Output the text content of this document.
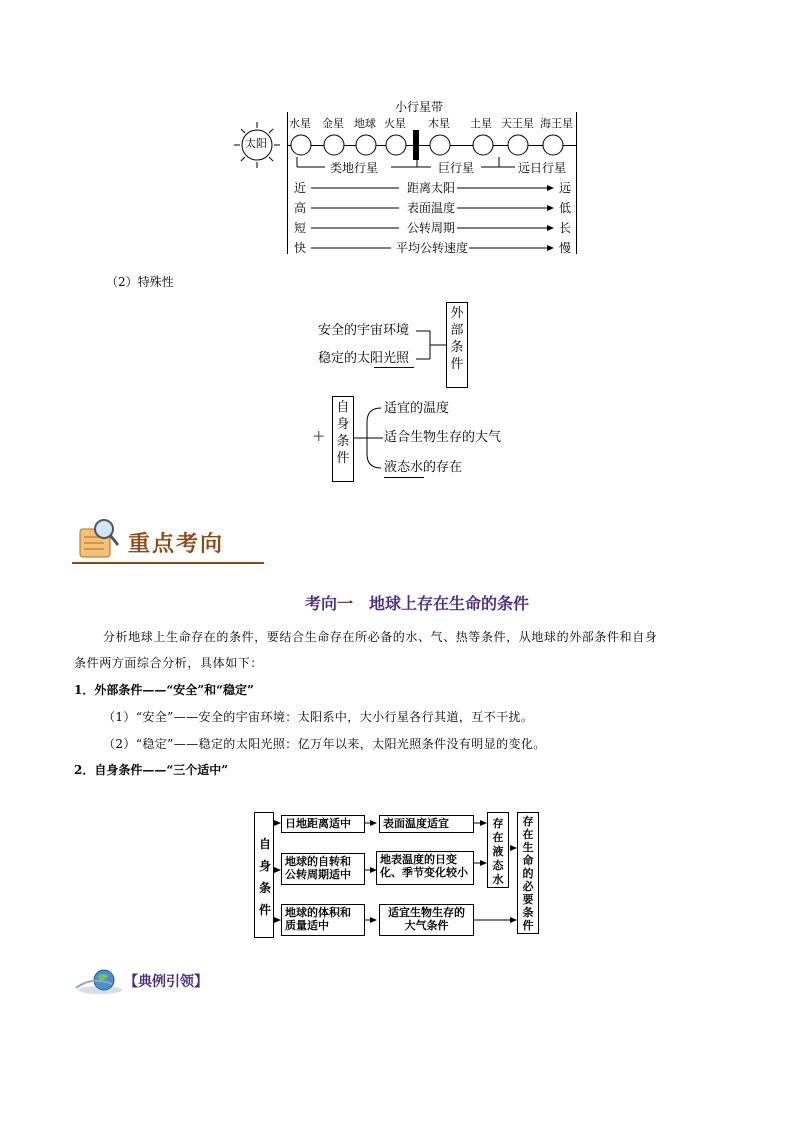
太阳
小行星带
水星 金星 地球 火星 木星 土星 天王星 海王星
类地行星	巨行星	远日行星
近	距离太阳	远
高	表面温度	低
短	公转周期	长
快	平均公转速度	慢
（2）特殊性
安全的宇宙环境
稳定的太阳光照
外部条件
+
自身条件
适宜的温度
适合生物生存的大气
液态水的存在
重点考向
考向一　地球上存在生命的条件
分析地球上生命存在的条件，要结合生命存在所必备的水、气、热等条件，从地球的外部条件和自身
条件两方面综合分析，具体如下：
1．外部条件——“安全”和“稳定”
（1）“安全”——安全的宇宙环境：太阳系中，大小行星各行其道，互不干扰。
（2）“稳定”——稳定的太阳光照：亿万年以来，太阳光照条件没有明显的变化。
2．自身条件——“三个适中”
自身条件
日地距离适中
地球的自转和公转周期适中
地球的体积和质量适中
表面温度适宜
地表温度的日变化、季节变化较小
适宜生物生存的大气条件
存在液态水
存在生命的必要条件
【典例引领】
